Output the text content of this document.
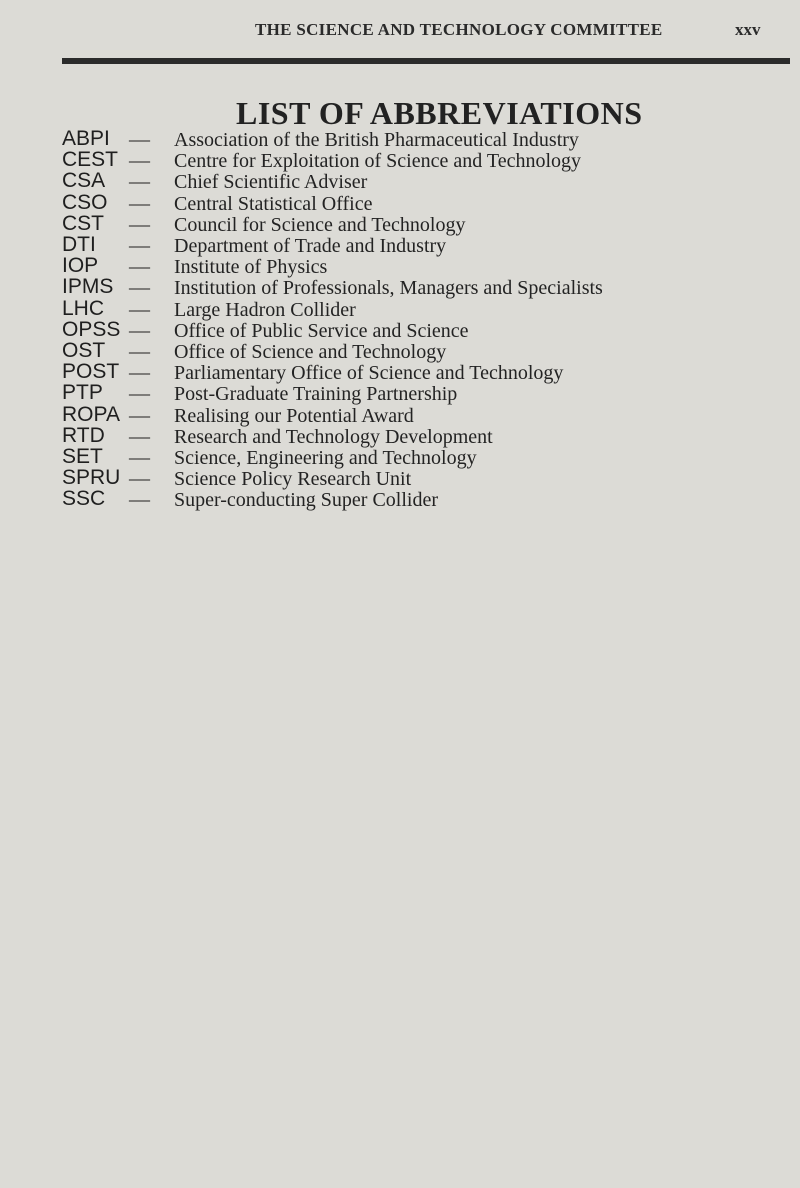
THE SCIENCE AND TECHNOLOGY COMMITTEE	xxv
LIST OF ABBREVIATIONS
ABPI — Association of the British Pharmaceutical Industry
CEST — Centre for Exploitation of Science and Technology
CSA — Chief Scientific Adviser
CSO — Central Statistical Office
CST — Council for Science and Technology
DTI — Department of Trade and Industry
IOP — Institute of Physics
IPMS — Institution of Professionals, Managers and Specialists
LHC — Large Hadron Collider
OPSS — Office of Public Service and Science
OST — Office of Science and Technology
POST — Parliamentary Office of Science and Technology
PTP — Post-Graduate Training Partnership
ROPA — Realising our Potential Award
RTD — Research and Technology Development
SET — Science, Engineering and Technology
SPRU — Science Policy Research Unit
SSC — Super-conducting Super Collider
